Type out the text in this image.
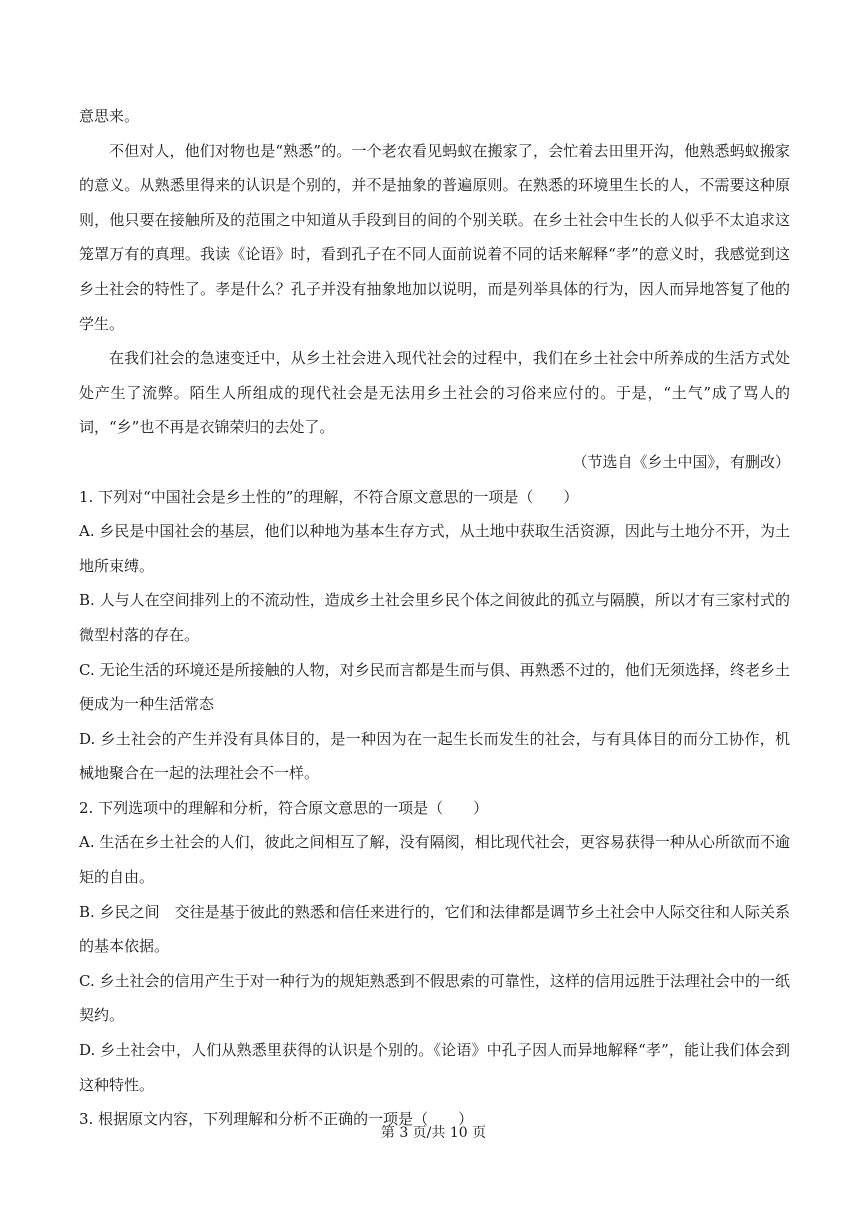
意思来。

不但对人，他们对物也是“熟悉”的。一个老农看见蚂蚁在搬家了，会忙着去田里开沟，他熟悉蚂蚁搬家的意义。从熟悉里得来的认识是个别的，并不是抽象的普遍原则。在熟悉的环境里生长的人，不需要这种原则，他只要在接触所及的范围之中知道从手段到目的间的个别关联。在乡土社会中生长的人似乎不太追求这笼罩万有的真理。我读《论语》时，看到孔子在不同人面前说着不同的话来解释“孝”的意义时，我感觉到这乡土社会的特性了。孝是什么？孔子并没有抽象地加以说明，而是列举具体的行为，因人而异地答复了他的学生。

在我们社会的急速变迁中，从乡土社会进入现代社会的过程中，我们在乡土社会中所养成的生活方式处处产生了流弊。陌生人所组成的现代社会是无法用乡土社会的习俗来应付的。于是，“土气”成了骂人的词，“乡”也不再是衣锦荣归的去处了。

（节选自《乡土中国》，有删改）

1. 下列对“中国社会是乡土性的”的理解，不符合原文意思的一项是（　　）

A. 乡民是中国社会的基层，他们以种地为基本生存方式，从土地中获取生活资源，因此与土地分不开，为土地所束缚。

B. 人与人在空间排列上的不流动性，造成乡土社会里乡民个体之间彼此的孤立与隔膜，所以才有三家村式的微型村落的存在。

C. 无论生活的环境还是所接触的人物，对乡民而言都是生而与俱、再熟悉不过的，他们无须选择，终老乡土便成为一种生活常态

D. 乡土社会的产生并没有具体目的，是一种因为在一起生长而发生的社会，与有具体目的而分工协作，机械地聚合在一起的法理社会不一样。

2. 下列选项中的理解和分析，符合原文意思的一项是（　　）

A. 生活在乡土社会的人们，彼此之间相互了解，没有隔阂，相比现代社会，更容易获得一种从心所欲而不逾矩的自由。

B. 乡民之间　交往是基于彼此的熟悉和信任来进行的，它们和法律都是调节乡土社会中人际交往和人际关系的基本依据。

C. 乡土社会的信用产生于对一种行为的规矩熟悉到不假思索的可靠性，这样的信用远胜于法理社会中的一纸契约。

D. 乡土社会中，人们从熟悉里获得的认识是个别的。《论语》中孔子因人而异地解释“孝”，能让我们体会到这种特性。

3. 根据原文内容，下列理解和分析不正确的一项是（　　）

第 3 页/共 10 页
